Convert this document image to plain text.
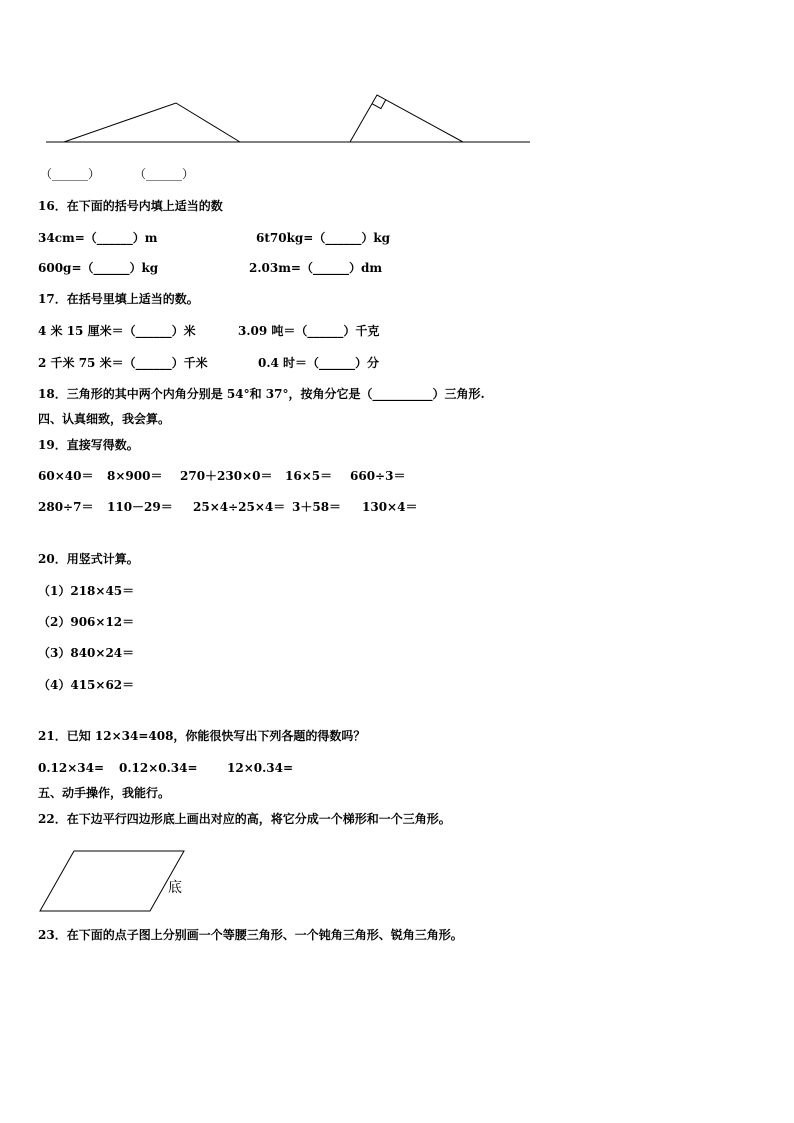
（______）	（______）
16．在下面的括号内填上适当的数
34cm=（______）m	6t70kg=（______）kg
600g=（______）kg	2.03m=（______）dm
17．在括号里填上适当的数。
4 米 15 厘米＝（______）米	3.09 吨＝（______）千克
2 千米 75 米＝（______）千米	0.4 时＝（______）分
18．三角形的其中两个内角分别是 54°和 37°，按角分它是（__________）三角形.
四、认真细致，我会算。
19．直接写得数。
60×40＝ 8×900＝ 270＋230×0＝ 16×5＝ 660÷3＝
280÷7＝ 110－29＝ 25×4÷25×4＝ 3＋58＝ 130×4＝
20．用竖式计算。
（1）218×45＝
（2）906×12＝
（3）840×24＝
（4）415×62＝
21．已知 12×34=408，你能很快写出下列各题的得数吗？
0.12×34= 0.12×0.34= 12×0.34=
五、动手操作，我能行。
22．在下边平行四边形底上画出对应的高，将它分成一个梯形和一个三角形。
底
23．在下面的点子图上分别画一个等腰三角形、一个钝角三角形、锐角三角形。
